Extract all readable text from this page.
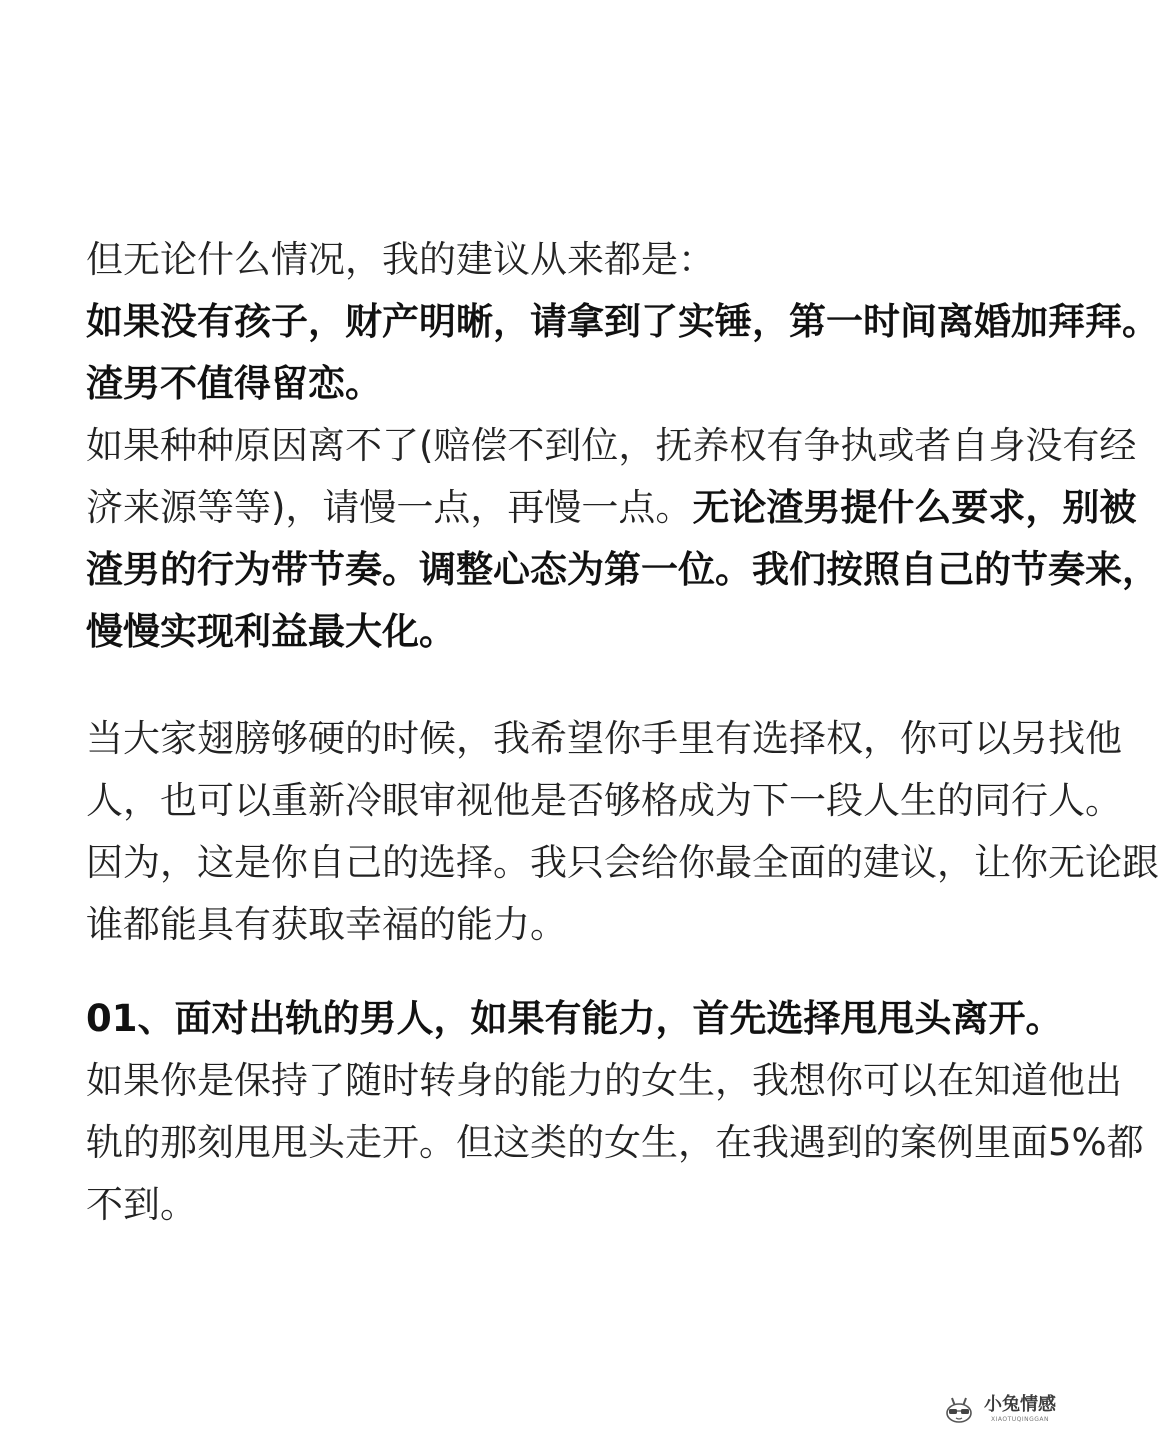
但无论什么情况，我的建议从来都是：
如果没有孩子，财产明晰，请拿到了实锤，第一时间离婚加拜拜。
渣男不值得留恋。
如果种种原因离不了(赔偿不到位，抚养权有争执或者自身没有经
济来源等等)，请慢一点，再慢一点。无论渣男提什么要求，别被
渣男的行为带节奏。调整心态为第一位。我们按照自己的节奏来，
慢慢实现利益最大化。
当大家翅膀够硬的时候，我希望你手里有选择权，你可以另找他
人，也可以重新冷眼审视他是否够格成为下一段人生的同行人。
因为，这是你自己的选择。我只会给你最全面的建议，让你无论跟
谁都能具有获取幸福的能力。
01、面对出轨的男人，如果有能力，首先选择甩甩头离开。
如果你是保持了随时转身的能力的女生，我想你可以在知道他出
轨的那刻甩甩头走开。但这类的女生，在我遇到的案例里面5%都
不到。
小兔情感
XIAOTUQINGGAN
